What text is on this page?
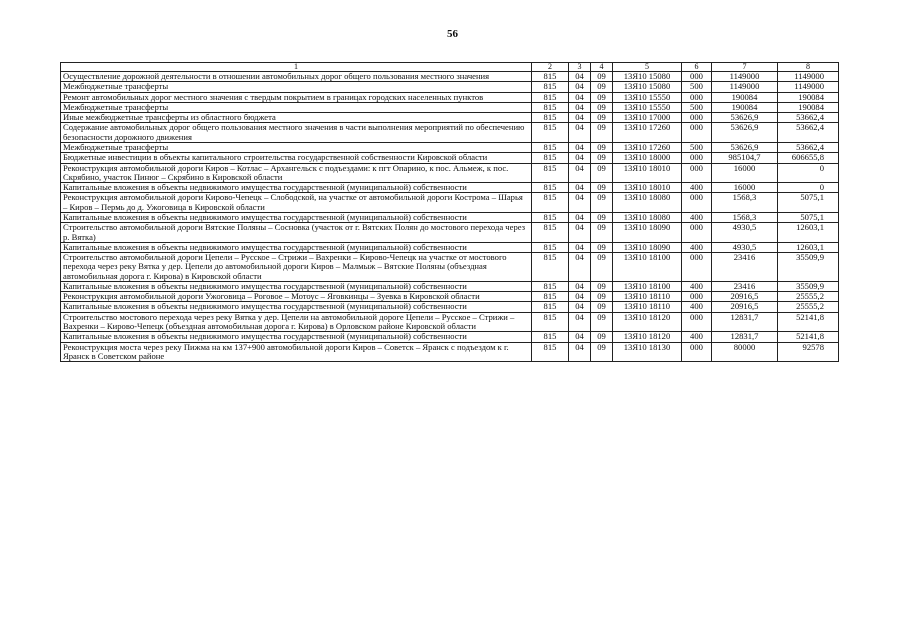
56
1	2	3	4	5	6	7	8
Осуществление дорожной деятельности в отношении автомобильных дорог общего пользования местного значения	815	04	09	13Я10 15080	000	1149000	1149000
Межбюджетные трансферты	815	04	09	13Я10 15080	500	1149000	1149000
Ремонт автомобильных дорог местного значения с твердым покрытием в границах городских населенных пунктов	815	04	09	13Я10 15550	000	190084	190084
Межбюджетные трансферты	815	04	09	13Я10 15550	500	190084	190084
Иные межбюджетные трансферты из областного бюджета	815	04	09	13Я10 17000	000	53626,9	53662,4
Содержание автомобильных дорог общего пользования местного значения в части выполнения мероприятий по обеспечению безопасности дорожного движения	815	04	09	13Я10 17260	000	53626,9	53662,4
Межбюджетные трансферты	815	04	09	13Я10 17260	500	53626,9	53662,4
Бюджетные инвестиции в объекты капитального строительства государственной собственности Кировской области	815	04	09	13Я10 18000	000	985104,7	606655,8
Реконструкция автомобильной дороги Киров – Котлас – Архангельск с подъездами: к пгт Опарино, к пос. Альмеж, к пос. Скрябино, участок Пинюг – Скрябино в Кировской области	815	04	09	13Я10 18010	000	16000	0
Капитальные вложения в объекты недвижимого имущества государственной (муниципальной) собственности	815	04	09	13Я10 18010	400	16000	0
Реконструкция автомобильной дороги Кирово-Чепецк – Слободской, на участке от автомобильной дороги Кострома – Шарья – Киров – Пермь до д. Ужоговица в Кировской области	815	04	09	13Я10 18080	000	1568,3	5075,1
Капитальные вложения в объекты недвижимого имущества государственной (муниципальной) собственности	815	04	09	13Я10 18080	400	1568,3	5075,1
Строительство автомобильной дороги Вятские Поляны – Сосновка (участок от г. Вятских Полян до мостового перехода через р. Вятка)	815	04	09	13Я10 18090	000	4930,5	12603,1
Капитальные вложения в объекты недвижимого имущества государственной (муниципальной) собственности	815	04	09	13Я10 18090	400	4930,5	12603,1
Строительство автомобильной дороги Цепели – Русское – Стрижи – Вахренки – Кирово-Чепецк на участке от мостового перехода через реку Вятка у дер. Цепели до автомобильной дороги Киров – Малмыж – Вятские Поляны (объездная автомобильная дорога г. Кирова) в Кировской области	815	04	09	13Я10 18100	000	23416	35509,9
Капитальные вложения в объекты недвижимого имущества государственной (муниципальной) собственности	815	04	09	13Я10 18100	400	23416	35509,9
Реконструкция автомобильной дороги Ужоговица – Роговое – Мотоус – Яговкинцы – Зуевка в Кировской области	815	04	09	13Я10 18110	000	20916,5	25555,2
Капитальные вложения в объекты недвижимого имущества государственной (муниципальной) собственности	815	04	09	13Я10 18110	400	20916,5	25555,2
Строительство мостового перехода через реку Вятка у дер. Цепели на автомобильной дороге Цепели – Русское – Стрижи – Вахренки – Кирово-Чепецк (объездная автомобильная дорога г. Кирова) в Орловском районе Кировской области	815	04	09	13Я10 18120	000	12831,7	52141,8
Капитальные вложения в объекты недвижимого имущества государственной (муниципальной) собственности	815	04	09	13Я10 18120	400	12831,7	52141,8
Реконструкция моста через реку Пижма на км 137+900 автомобильной дороги Киров – Советск – Яранск с подъездом к г. Яранск в Советском районе	815	04	09	13Я10 18130	000	80000	92578
